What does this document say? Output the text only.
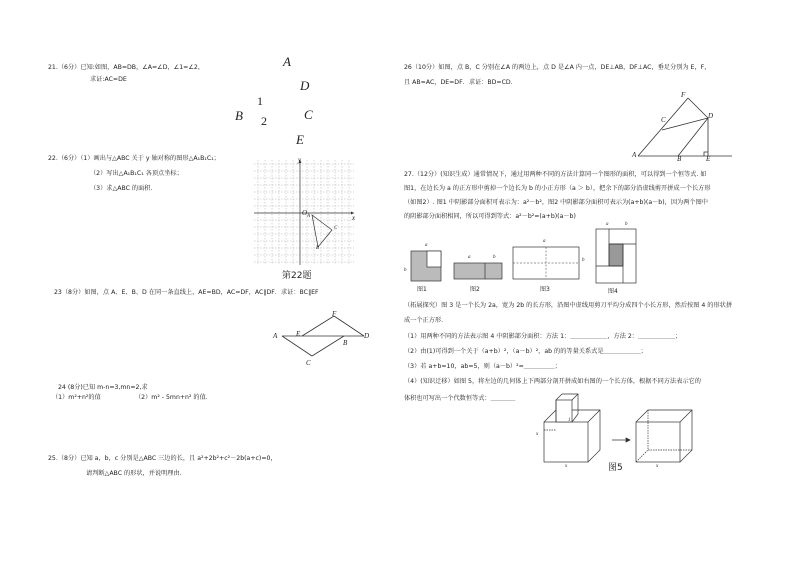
21.（6分）已知:如图，AB=DB，∠A=∠D，∠1=∠2，
求证:AC=DE
A
D
1
B 2	C
E
22.（6分）（1）画出与△ABC 关于 y 轴对称的图形△A₁B₁C₁；
（2）写出△A₁B₁C₁ 各顶点坐标；
（3）求△ABC 的面积.
y
x
O A
C
B
第22题
23（8分）如图，点 A、E、B、D 在同一条直线上，AE=BD，AC=DF，AC∥DF．求证：BC∥EF
A	E
F
B
D
C
24 (8分)已知 m-n=3,mn=2,求
（1）m²+n²的值	（2）m² - 5mn+n² 的值.
25.（8分）已知 a，b，c 分别是△ABC 三边的长，且 a²+2b²+c²－2b(a+c)=0，
请判断△ABC 的形状，并说明理由.
26（10分）如图，点 B，C 分别在∠A 的两边上，点 D 是∠A 内一点，DE⊥AB，DF⊥AC，垂足分别为 E，F，
且 AB=AC，DE=DF．求证：BD=CD．
F
C	D
A	B	E
27.（12分）(知识生成）通常情况下，通过用两种不同的方法计算同一个图形的面积，可以得到一个恒等式. 如
图1，在边长为 a 的正方形中剪掉一个边长为 b 的小正方形（a ＞ b），把余下的部分沿虚线剪开拼成一个长方形
（如图2）. 图1 中阴影部分面积可表示为：a²－b²，图2 中阴影部分面积可表示为(a+b)(a－b)，因为两个图中
的阴影部分面积相同，所以可得到等式：a²－b²=(a+b)(a－b)
a
b
图1
a	b
图2
a
b
图3
a	b
图4
（拓展探究）图 3 是一个长为 2a，宽为 2b 的长方形，沿图中虚线用剪刀平均分成四个小长方形，然后按图 4 的形状拼
成一个正方形.
（1）用两种不同的方法表示图 4 中阴影部分面积：方法 1：＿＿＿＿＿＿，方法 2：＿＿＿＿＿＿；
（2）由(1)可得到一个关于（a+b）²，（a－b）²，ab 的的等量关系式是＿＿＿＿＿＿；
（3）若 a+b=10，ab=5，则（a－b）²=＿＿＿＿＿；
（4）(知识迁移）如图 5，将左边的几何体上下两部分剖开拼成如右图的一个长方体，根据不同方法表示它的
体积也可写出一个代数恒等式：＿＿＿＿
x
x
1
x
图5
